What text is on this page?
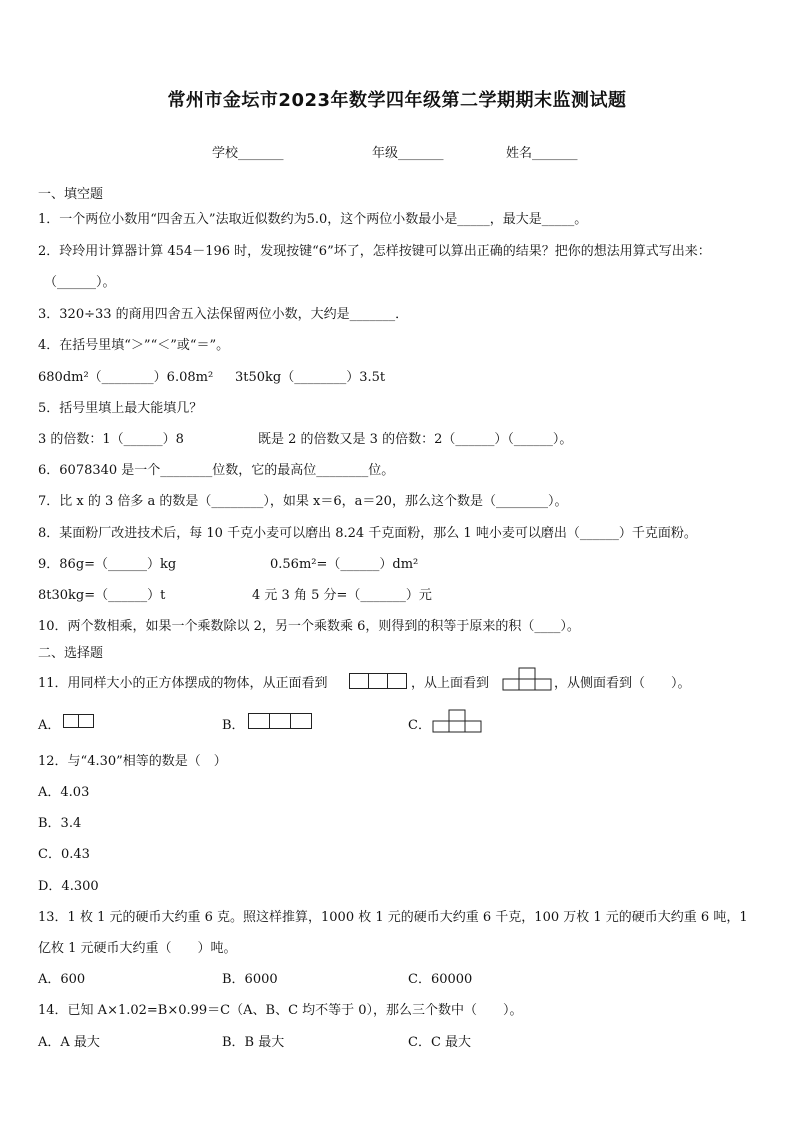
常州市金坛市2023年数学四年级第二学期期末监测试题
学校_______	年级_______	姓名_______
一、填空题
1．一个两位小数用“四舍五入”法取近似数约为5.0，这个两位小数最小是_____，最大是_____。
2．玲玲用计算器计算 454－196 时，发现按键“6”坏了，怎样按键可以算出正确的结果？把你的想法用算式写出来：
（______）。
3．320÷33 的商用四舍五入法保留两位小数，大约是_______．
4．在括号里填“＞”“＜”或“＝”。
680dm²（________）6.08m² 3t50kg（________）3.5t
5．括号里填上最大能填几？
3 的倍数：1（______）8	既是 2 的倍数又是 3 的倍数：2（______）（______）。
6．6078340 是一个________位数，它的最高位________位。
7．比 x 的 3 倍多 a 的数是（________），如果 x＝6，a＝20，那么这个数是（________）。
8．某面粉厂改进技术后，每 10 千克小麦可以磨出 8.24 千克面粉，那么 1 吨小麦可以磨出（______）千克面粉。
9．86g=（______）kg	0.56m²=（______）dm²
8t30kg=（______）t	4 元 3 角 5 分=（_______）元
10．两个数相乘，如果一个乘数除以 2，另一个乘数乘 6，则得到的积等于原来的积（____）。
二、选择题
11．用同样大小的正方体摆成的物体，从正面看到	，从上面看到	，从侧面看到（　　）。
A．	B．	C．
12．与“4.30”相等的数是（　）
A．4.03
B．3.4
C．0.43
D．4.300
13．1 枚 1 元的硬币大约重 6 克。照这样推算，1000 枚 1 元的硬币大约重 6 千克，100 万枚 1 元的硬币大约重 6 吨，1
亿枚 1 元硬币大约重（　　）吨。
A．600	B．6000	C．60000
14．已知 A×1.02=B×0.99＝C（A、B、C 均不等于 0），那么三个数中（　　）。
A．A 最大	B．B 最大	C．C 最大
